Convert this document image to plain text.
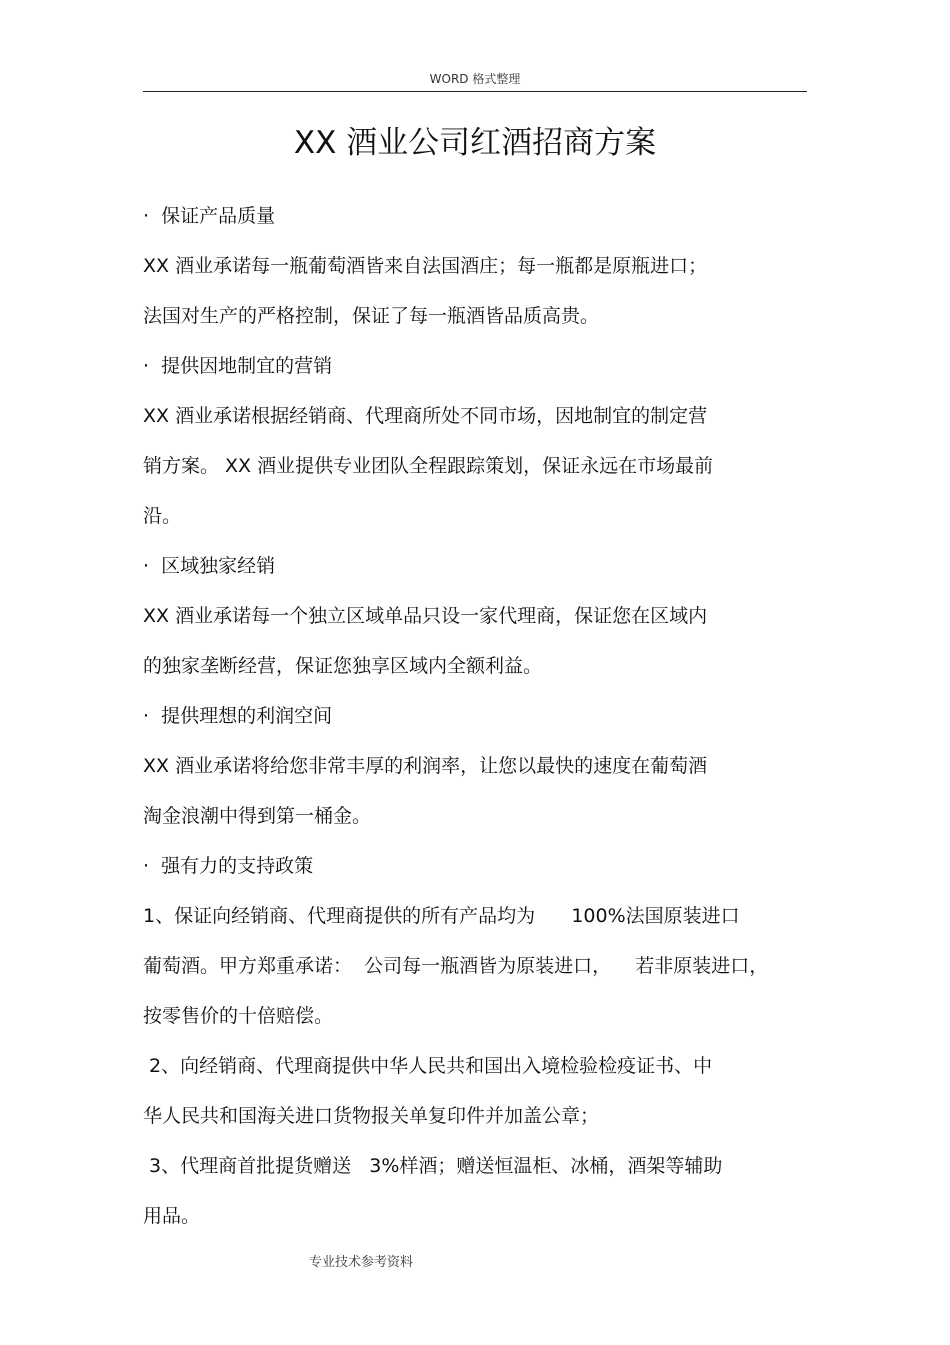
WORD 格式整理
XX 酒业公司红酒招商方案
·  保证产品质量
XX 酒业承诺每一瓶葡萄酒皆来自法国酒庄；每一瓶都是原瓶进口；
法国对生产的严格控制，保证了每一瓶酒皆品质高贵。
·  提供因地制宜的营销
XX 酒业承诺根据经销商、代理商所处不同市场，因地制宜的制定营
销方案。 XX 酒业提供专业团队全程跟踪策划，保证永远在市场最前
沿。
·  区域独家经销
XX 酒业承诺每一个独立区域单品只设一家代理商，保证您在区域内
的独家垄断经营，保证您独享区域内全额利益。
·  提供理想的利润空间
XX 酒业承诺将给您非常丰厚的利润率，让您以最快的速度在葡萄酒
淘金浪潮中得到第一桶金。
·  强有力的支持政策
1、保证向经销商、代理商提供的所有产品均为      100%法国原装进口
葡萄酒。甲方郑重承诺：  公司每一瓶酒皆为原装进口，    若非原装进口，
按零售价的十倍赔偿。
2、向经销商、代理商提供中华人民共和国出入境检验检疫证书、中
华人民共和国海关进口货物报关单复印件并加盖公章；
3、代理商首批提货赠送   3%样酒；赠送恒温柜、冰桶，酒架等辅助
用品。
专业技术参考资料
